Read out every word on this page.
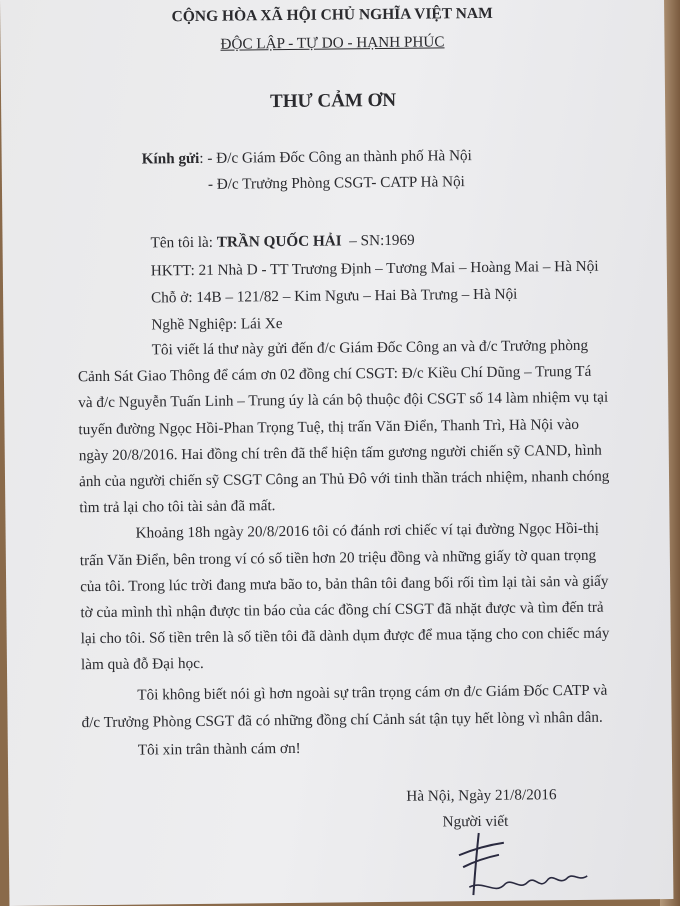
CỘNG HÒA XÃ HỘI CHỦ NGHĨA VIỆT NAM
ĐỘC LẬP - TỰ DO - HẠNH PHÚC
THƯ CẢM ƠN
Kính gửi: - Đ/c Giám Đốc Công an thành phố Hà Nội
- Đ/c Trưởng Phòng CSGT- CATP Hà Nội
Tên tôi là: TRẦN QUỐC HẢI – SN:1969
HKTT: 21 Nhà D - TT Trương Định – Tương Mai – Hoàng Mai – Hà Nội
Chỗ ở: 14B – 121/82 – Kim Ngưu – Hai Bà Trưng – Hà Nội
Nghề Nghiệp: Lái Xe
Tôi viết lá thư này gửi đến đ/c Giám Đốc Công an và đ/c Trưởng phòng
Cảnh Sát Giao Thông để cám ơn 02 đồng chí CSGT: Đ/c Kiều Chí Dũng – Trung Tá
và đ/c Nguyễn Tuấn Linh – Trung úy là cán bộ thuộc đội CSGT số 14 làm nhiệm vụ tại
tuyến đường Ngọc Hồi-Phan Trọng Tuệ, thị trấn Văn Điển, Thanh Trì, Hà Nội vào
ngày 20/8/2016. Hai đồng chí trên đã thể hiện tấm gương người chiến sỹ CAND, hình
ảnh của người chiến sỹ CSGT Công an Thủ Đô với tinh thần trách nhiệm, nhanh chóng
tìm trả lại cho tôi tài sản đã mất.
Khoảng 18h ngày 20/8/2016 tôi có đánh rơi chiếc ví tại đường Ngọc Hồi-thị
trấn Văn Điển, bên trong ví có số tiền hơn 20 triệu đồng và những giấy tờ quan trọng
của tôi. Trong lúc trời đang mưa bão to, bản thân tôi đang bối rối tìm lại tài sản và giấy
tờ của mình thì nhận được tin báo của các đồng chí CSGT đã nhặt được và tìm đến trả
lại cho tôi. Số tiền trên là số tiền tôi đã dành dụm được để mua tặng cho con chiếc máy
làm quà đỗ Đại học.
Tôi không biết nói gì hơn ngoài sự trân trọng cám ơn đ/c Giám Đốc CATP và
đ/c Trưởng Phòng CSGT đã có những đồng chí Cảnh sát tận tụy hết lòng vì nhân dân.
Tôi xin trân thành cám ơn!
Hà Nội, Ngày 21/8/2016
Người viết
